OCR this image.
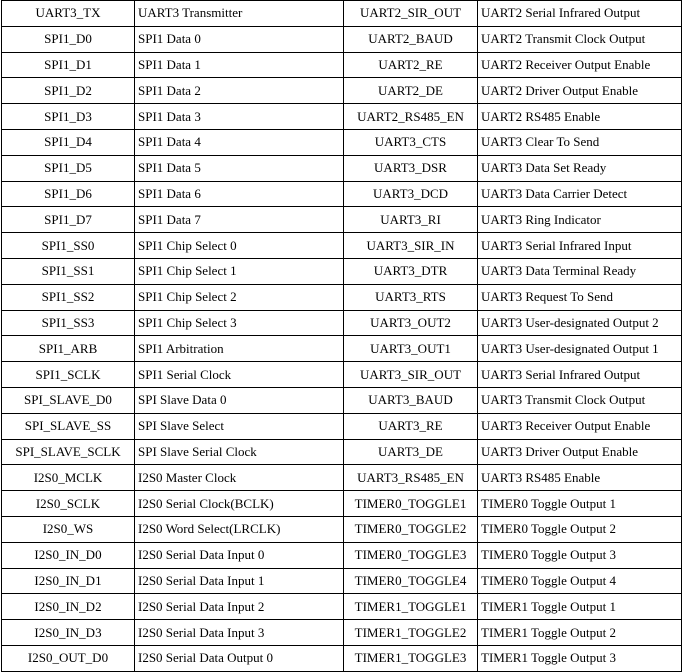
UART3_TX	UART3 Transmitter	UART2_SIR_OUT	UART2 Serial Infrared Output
SPI1_D0	SPI1 Data 0	UART2_BAUD	UART2 Transmit Clock Output
SPI1_D1	SPI1 Data 1	UART2_RE	UART2 Receiver Output Enable
SPI1_D2	SPI1 Data 2	UART2_DE	UART2 Driver Output Enable
SPI1_D3	SPI1 Data 3	UART2_RS485_EN	UART2 RS485 Enable
SPI1_D4	SPI1 Data 4	UART3_CTS	UART3 Clear To Send
SPI1_D5	SPI1 Data 5	UART3_DSR	UART3 Data Set Ready
SPI1_D6	SPI1 Data 6	UART3_DCD	UART3 Data Carrier Detect
SPI1_D7	SPI1 Data 7	UART3_RI	UART3 Ring Indicator
SPI1_SS0	SPI1 Chip Select 0	UART3_SIR_IN	UART3 Serial Infrared Input
SPI1_SS1	SPI1 Chip Select 1	UART3_DTR	UART3 Data Terminal Ready
SPI1_SS2	SPI1 Chip Select 2	UART3_RTS	UART3 Request To Send
SPI1_SS3	SPI1 Chip Select 3	UART3_OUT2	UART3 User-designated Output 2
SPI1_ARB	SPI1 Arbitration	UART3_OUT1	UART3 User-designated Output 1
SPI1_SCLK	SPI1 Serial Clock	UART3_SIR_OUT	UART3 Serial Infrared Output
SPI_SLAVE_D0	SPI Slave Data 0	UART3_BAUD	UART3 Transmit Clock Output
SPI_SLAVE_SS	SPI Slave Select	UART3_RE	UART3 Receiver Output Enable
SPI_SLAVE_SCLK	SPI Slave Serial Clock	UART3_DE	UART3 Driver Output Enable
I2S0_MCLK	I2S0 Master Clock	UART3_RS485_EN	UART3 RS485 Enable
I2S0_SCLK	I2S0 Serial Clock(BCLK)	TIMER0_TOGGLE1	TIMER0 Toggle Output 1
I2S0_WS	I2S0 Word Select(LRCLK)	TIMER0_TOGGLE2	TIMER0 Toggle Output 2
I2S0_IN_D0	I2S0 Serial Data Input 0	TIMER0_TOGGLE3	TIMER0 Toggle Output 3
I2S0_IN_D1	I2S0 Serial Data Input 1	TIMER0_TOGGLE4	TIMER0 Toggle Output 4
I2S0_IN_D2	I2S0 Serial Data Input 2	TIMER1_TOGGLE1	TIMER1 Toggle Output 1
I2S0_IN_D3	I2S0 Serial Data Input 3	TIMER1_TOGGLE2	TIMER1 Toggle Output 2
I2S0_OUT_D0	I2S0 Serial Data Output 0	TIMER1_TOGGLE3	TIMER1 Toggle Output 3
